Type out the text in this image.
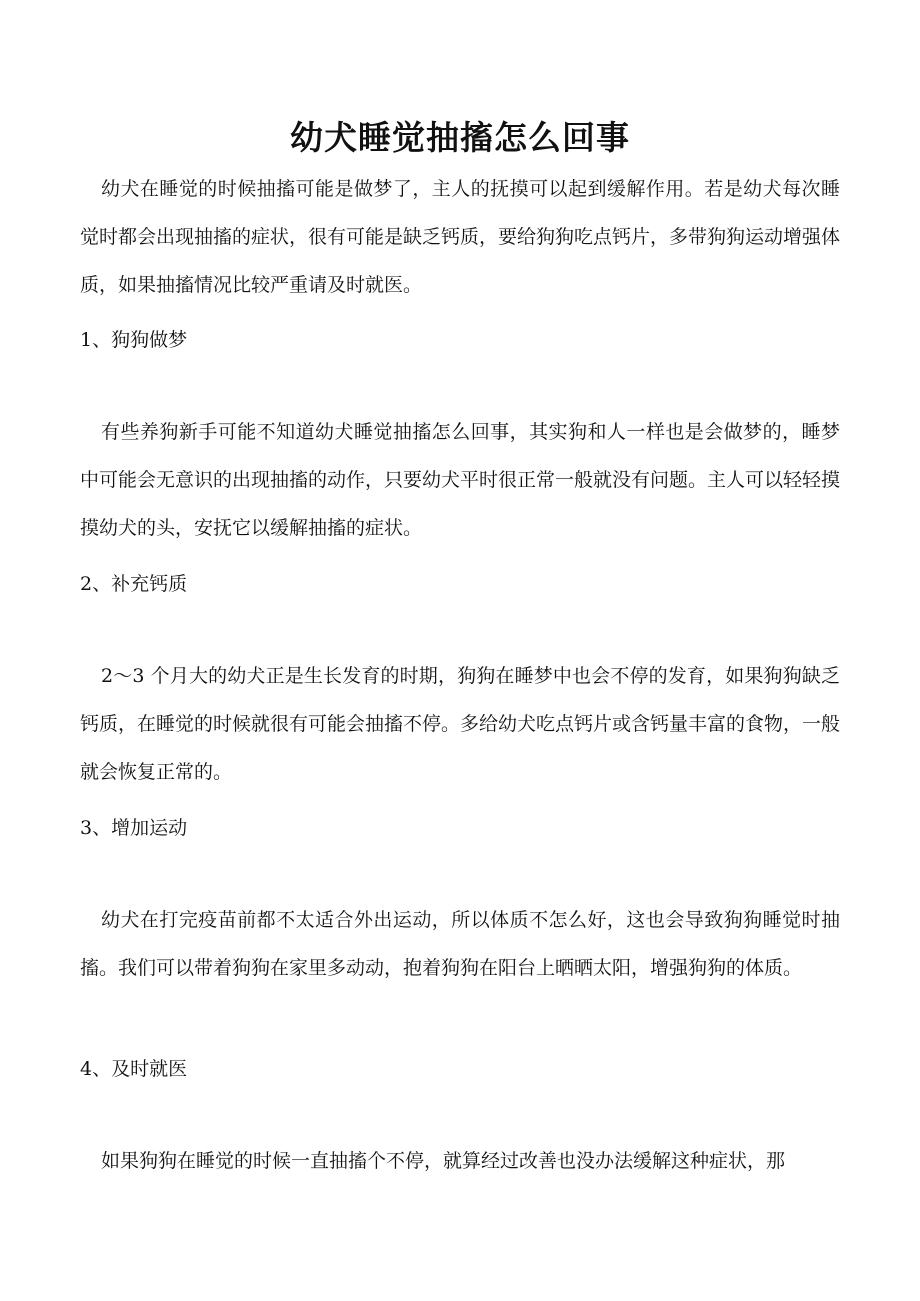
幼犬睡觉抽搐怎么回事

幼犬在睡觉的时候抽搐可能是做梦了，主人的抚摸可以起到缓解作用。若是幼犬每次睡觉时都会出现抽搐的症状，很有可能是缺乏钙质，要给狗狗吃点钙片，多带狗狗运动增强体质，如果抽搐情况比较严重请及时就医。

1、狗狗做梦

有些养狗新手可能不知道幼犬睡觉抽搐怎么回事，其实狗和人一样也是会做梦的，睡梦中可能会无意识的出现抽搐的动作，只要幼犬平时很正常一般就没有问题。主人可以轻轻摸摸幼犬的头，安抚它以缓解抽搐的症状。

2、补充钙质

2～3 个月大的幼犬正是生长发育的时期，狗狗在睡梦中也会不停的发育，如果狗狗缺乏钙质，在睡觉的时候就很有可能会抽搐不停。多给幼犬吃点钙片或含钙量丰富的食物，一般就会恢复正常的。

3、增加运动

幼犬在打完疫苗前都不太适合外出运动，所以体质不怎么好，这也会导致狗狗睡觉时抽搐。我们可以带着狗狗在家里多动动，抱着狗狗在阳台上晒晒太阳，增强狗狗的体质。

4、及时就医

如果狗狗在睡觉的时候一直抽搐个不停，就算经过改善也没办法缓解这种症状，那
